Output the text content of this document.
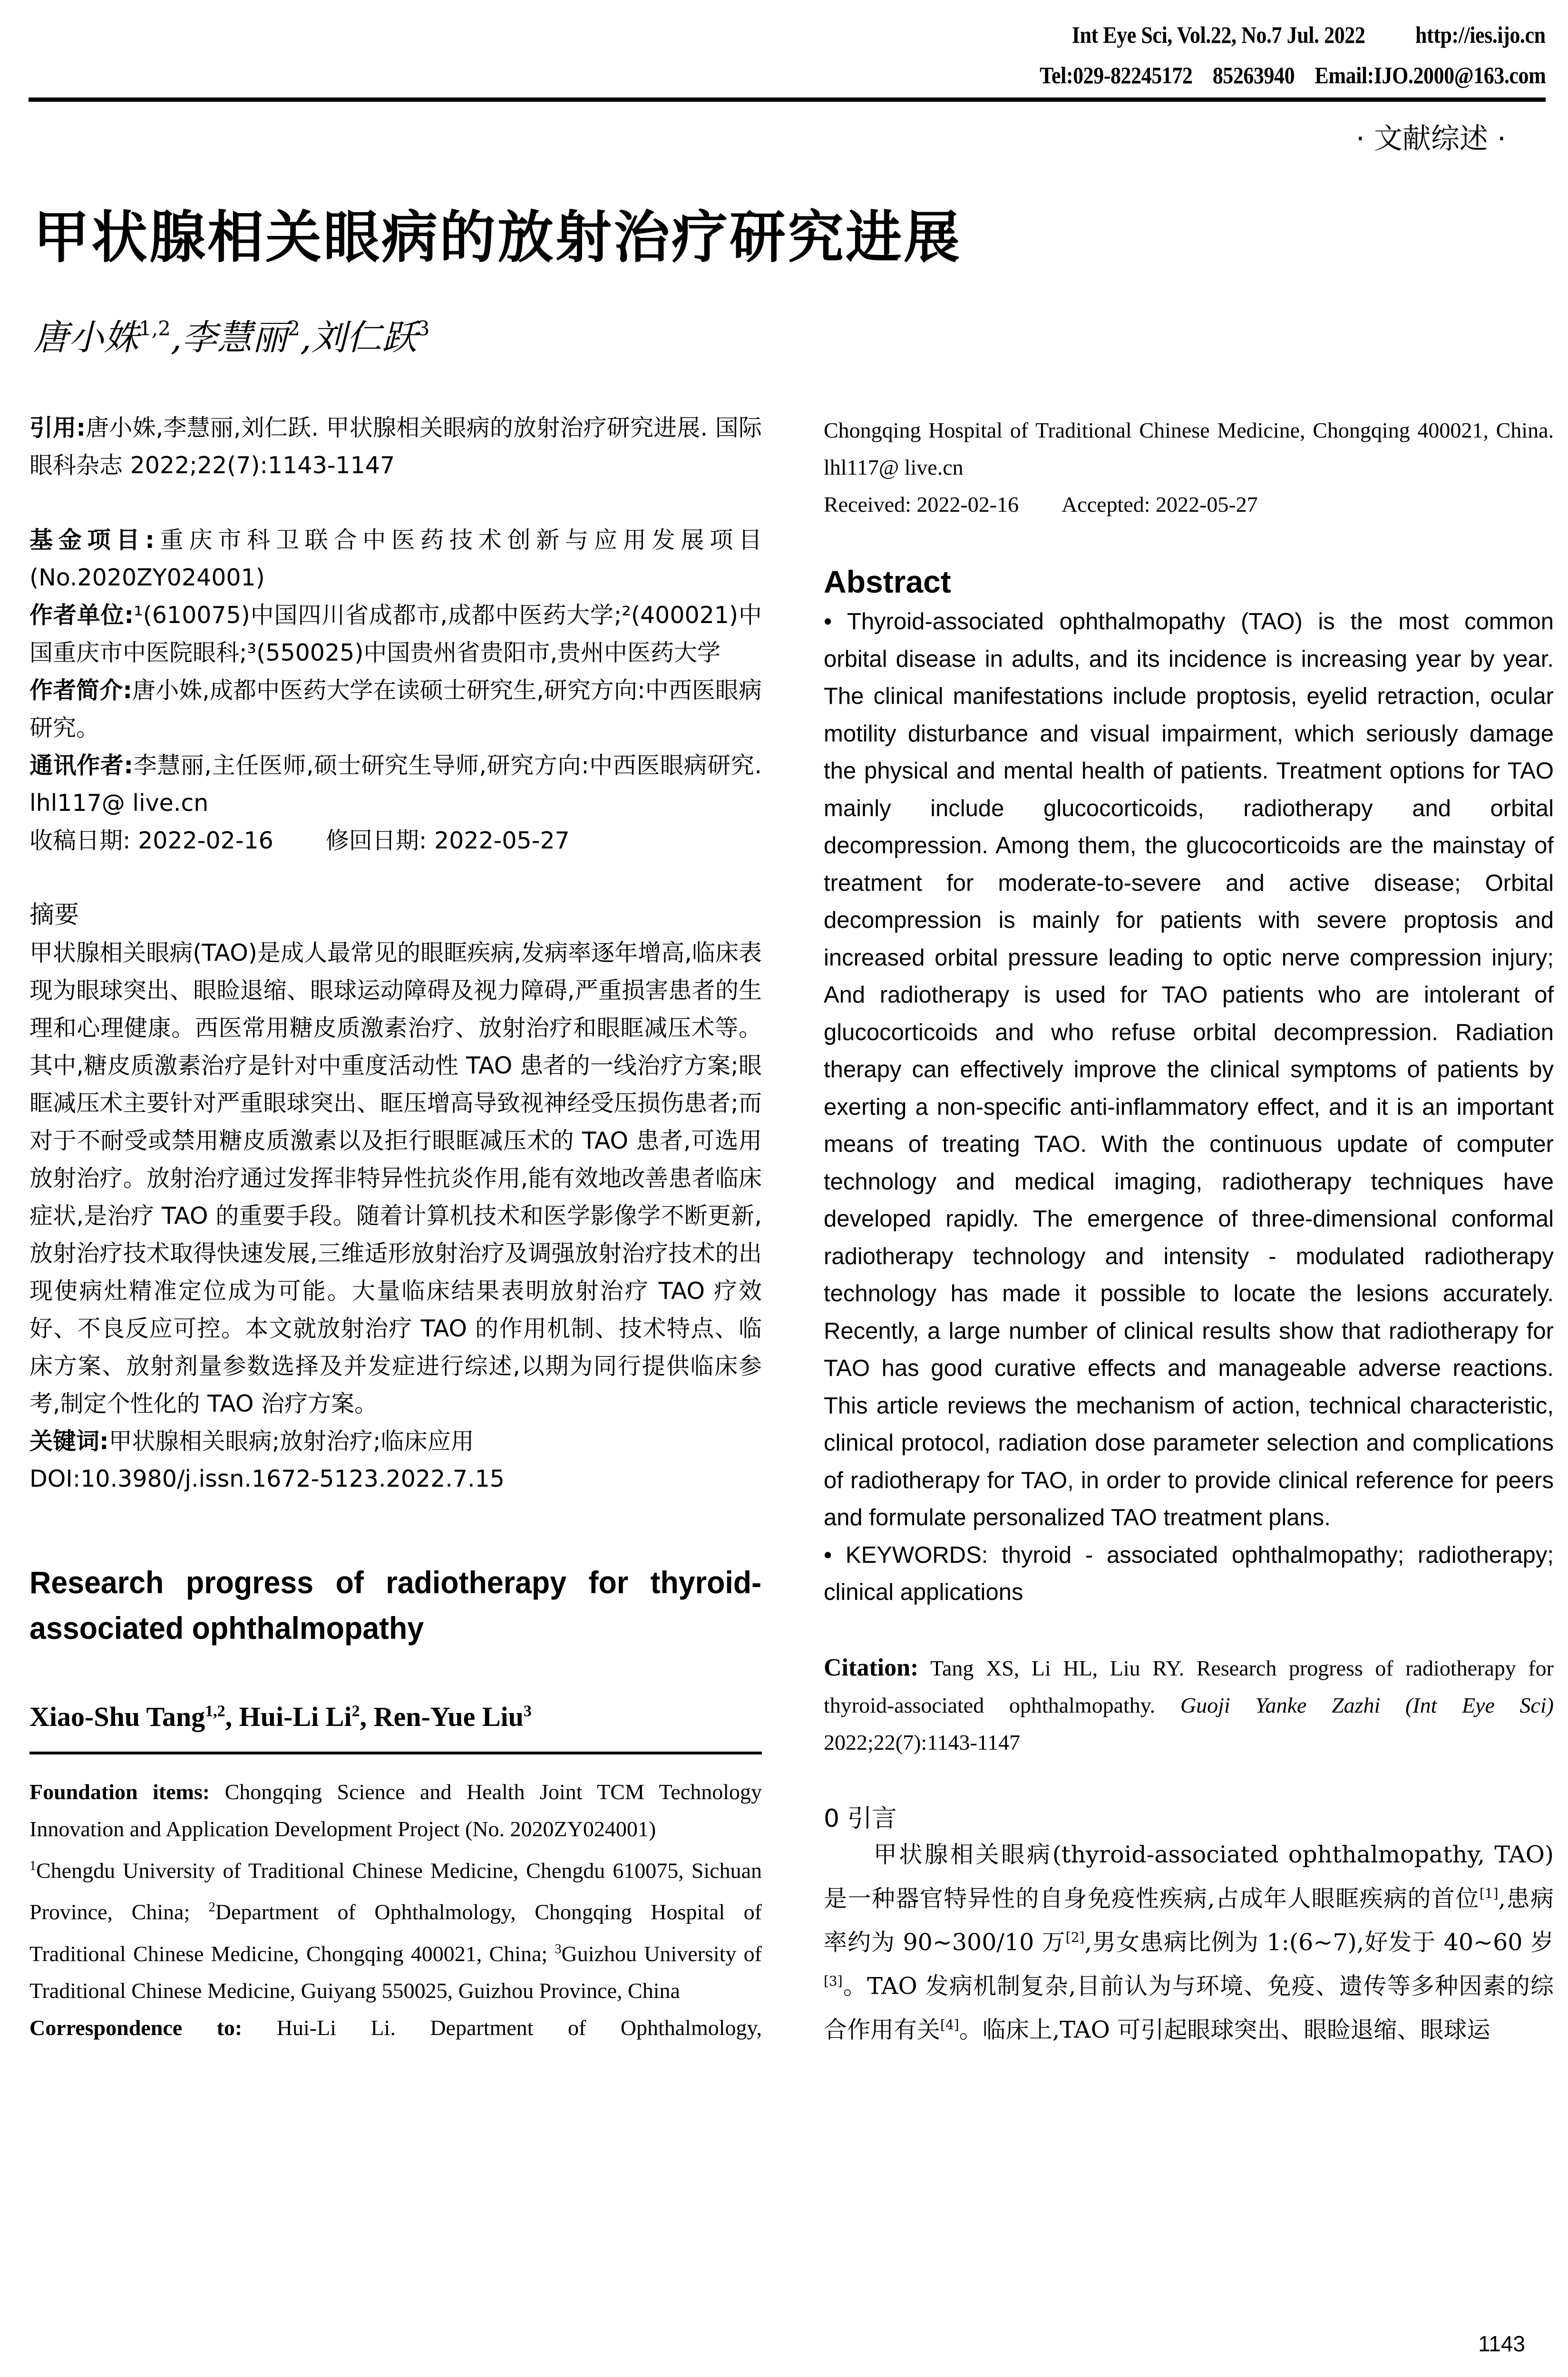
Int Eye Sci, Vol.22, No.7 Jul. 2022 http://ies.ijo.cn
Tel:029-82245172 85263940 Email:IJO.2000@163.com
· 文献综述 ·
甲状腺相关眼病的放射治疗研究进展
唐小姝$^{1,2}$,李慧丽$^2$,刘仁跃$^3$
引用:唐小姝,李慧丽,刘仁跃. 甲状腺相关眼病的放射治疗研究进展. 国际眼科杂志 2022;22(7):1143-1147
基金项目:重庆市科卫联合中医药技术创新与应用发展项目(No.2020ZY024001)
作者单位:¹(610075)中国四川省成都市,成都中医药大学;²(400021)中国重庆市中医院眼科;³(550025)中国贵州省贵阳市,贵州中医药大学
作者简介:唐小姝,成都中医药大学在读硕士研究生,研究方向:中西医眼病研究。
通讯作者:李慧丽,主任医师,硕士研究生导师,研究方向:中西医眼病研究. lhl117@ live.cn
收稿日期: 2022-02-16 修回日期: 2022-05-27
摘要
甲状腺相关眼病(TAO)是成人最常见的眼眶疾病,发病率逐年增高,临床表现为眼球突出、眼睑退缩、眼球运动障碍及视力障碍,严重损害患者的生理和心理健康。西医常用糖皮质激素治疗、放射治疗和眼眶减压术等。其中,糖皮质激素治疗是针对中重度活动性 TAO 患者的一线治疗方案;眼眶减压术主要针对严重眼球突出、眶压增高导致视神经受压损伤患者;而对于不耐受或禁用糖皮质激素以及拒行眼眶减压术的 TAO 患者,可选用放射治疗。放射治疗通过发挥非特异性抗炎作用,能有效地改善患者临床症状,是治疗 TAO 的重要手段。随着计算机技术和医学影像学不断更新,放射治疗技术取得快速发展,三维适形放射治疗及调强放射治疗技术的出现使病灶精准定位成为可能。大量临床结果表明放射治疗 TAO 疗效好、不良反应可控。本文就放射治疗 TAO 的作用机制、技术特点、临床方案、放射剂量参数选择及并发症进行综述,以期为同行提供临床参考,制定个性化的 TAO 治疗方案。
关键词:甲状腺相关眼病;放射治疗;临床应用
DOI:10.3980/j.issn.1672-5123.2022.7.15
Research progress of radiotherapy for thyroid-associated ophthalmopathy
Xiao-Shu Tang$^{1,2}$, Hui-Li Li$^2$, Ren-Yue Liu$^3$
Foundation items: Chongqing Science and Health Joint TCM Technology Innovation and Application Development Project (No. 2020ZY024001)
$^1$Chengdu University of Traditional Chinese Medicine, Chengdu 610075, Sichuan Province, China; $^2$Department of Ophthalmology, Chongqing Hospital of Traditional Chinese Medicine, Chongqing 400021, China; $^3$Guizhou University of Traditional Chinese Medicine, Guiyang 550025, Guizhou Province, China
Correspondence to: Hui-Li Li. Department of Ophthalmology,
Chongqing Hospital of Traditional Chinese Medicine, Chongqing 400021, China. lhl117@ live.cn
Received: 2022-02-16 Accepted: 2022-05-27
Abstract
• Thyroid-associated ophthalmopathy (TAO) is the most common orbital disease in adults, and its incidence is increasing year by year. The clinical manifestations include proptosis, eyelid retraction, ocular motility disturbance and visual impairment, which seriously damage the physical and mental health of patients. Treatment options for TAO mainly include glucocorticoids, radiotherapy and orbital decompression. Among them, the glucocorticoids are the mainstay of treatment for moderate-to-severe and active disease; Orbital decompression is mainly for patients with severe proptosis and increased orbital pressure leading to optic nerve compression injury; And radiotherapy is used for TAO patients who are intolerant of glucocorticoids and who refuse orbital decompression. Radiation therapy can effectively improve the clinical symptoms of patients by exerting a non-specific anti-inflammatory effect, and it is an important means of treating TAO. With the continuous update of computer technology and medical imaging, radiotherapy techniques have developed rapidly. The emergence of three-dimensional conformal radiotherapy technology and intensity - modulated radiotherapy technology has made it possible to locate the lesions accurately. Recently, a large number of clinical results show that radiotherapy for TAO has good curative effects and manageable adverse reactions. This article reviews the mechanism of action, technical characteristic, clinical protocol, radiation dose parameter selection and complications of radiotherapy for TAO, in order to provide clinical reference for peers and formulate personalized TAO treatment plans.
• KEYWORDS: thyroid - associated ophthalmopathy; radiotherapy; clinical applications
Citation: Tang XS, Li HL, Liu RY. Research progress of radiotherapy for thyroid-associated ophthalmopathy. Guoji Yanke Zazhi (Int Eye Sci) 2022;22(7):1143-1147
0 引言
甲状腺相关眼病(thyroid-associated ophthalmopathy, TAO)是一种器官特异性的自身免疫性疾病,占成年人眼眶疾病的首位[1],患病率约为 90~300/10 万[2],男女患病比例为 1:(6~7),好发于 40~60 岁[3]。TAO 发病机制复杂,目前认为与环境、免疫、遗传等多种因素的综合作用有关[4]。临床上,TAO 可引起眼球突出、眼睑退缩、眼球运
1143
